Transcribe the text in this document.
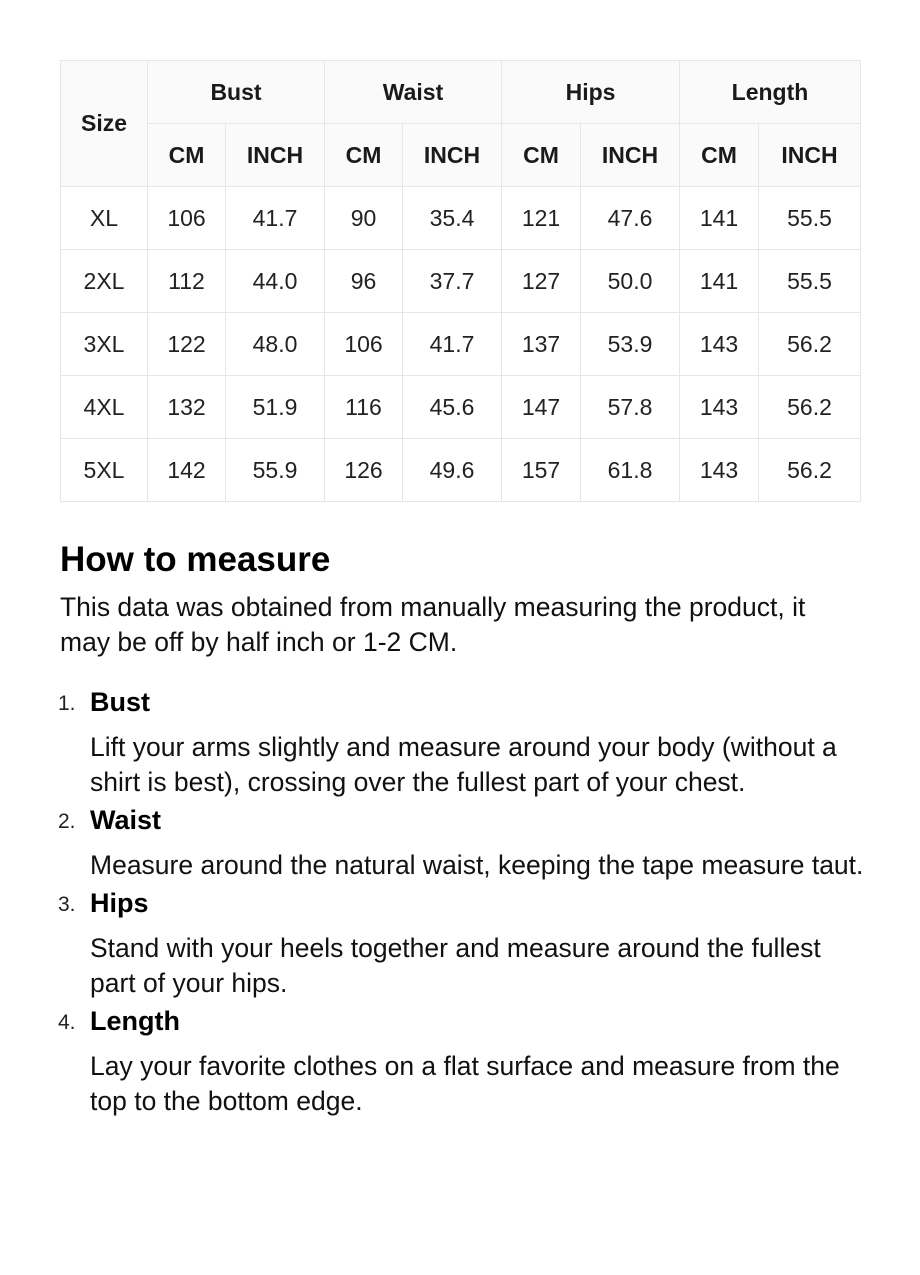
Size	Bust		Waist		Hips		Length	
	CM	INCH	CM	INCH	CM	INCH	CM	INCH
XL	106	41.7	90	35.4	121	47.6	141	55.5
2XL	112	44.0	96	37.7	127	50.0	141	55.5
3XL	122	48.0	106	41.7	137	53.9	143	56.2
4XL	132	51.9	116	45.6	147	57.8	143	56.2
5XL	142	55.9	126	49.6	157	61.8	143	56.2
How to measure

This data was obtained from manually measuring the product, it may be off by half inch or 1-2 CM.

1. Bust
Lift your arms slightly and measure around your body (without a shirt is best), crossing over the fullest part of your chest.
2. Waist
Measure around the natural waist, keeping the tape measure taut.
3. Hips
Stand with your heels together and measure around the fullest part of your hips.
4. Length
Lay your favorite clothes on a flat surface and measure from the top to the bottom edge.
